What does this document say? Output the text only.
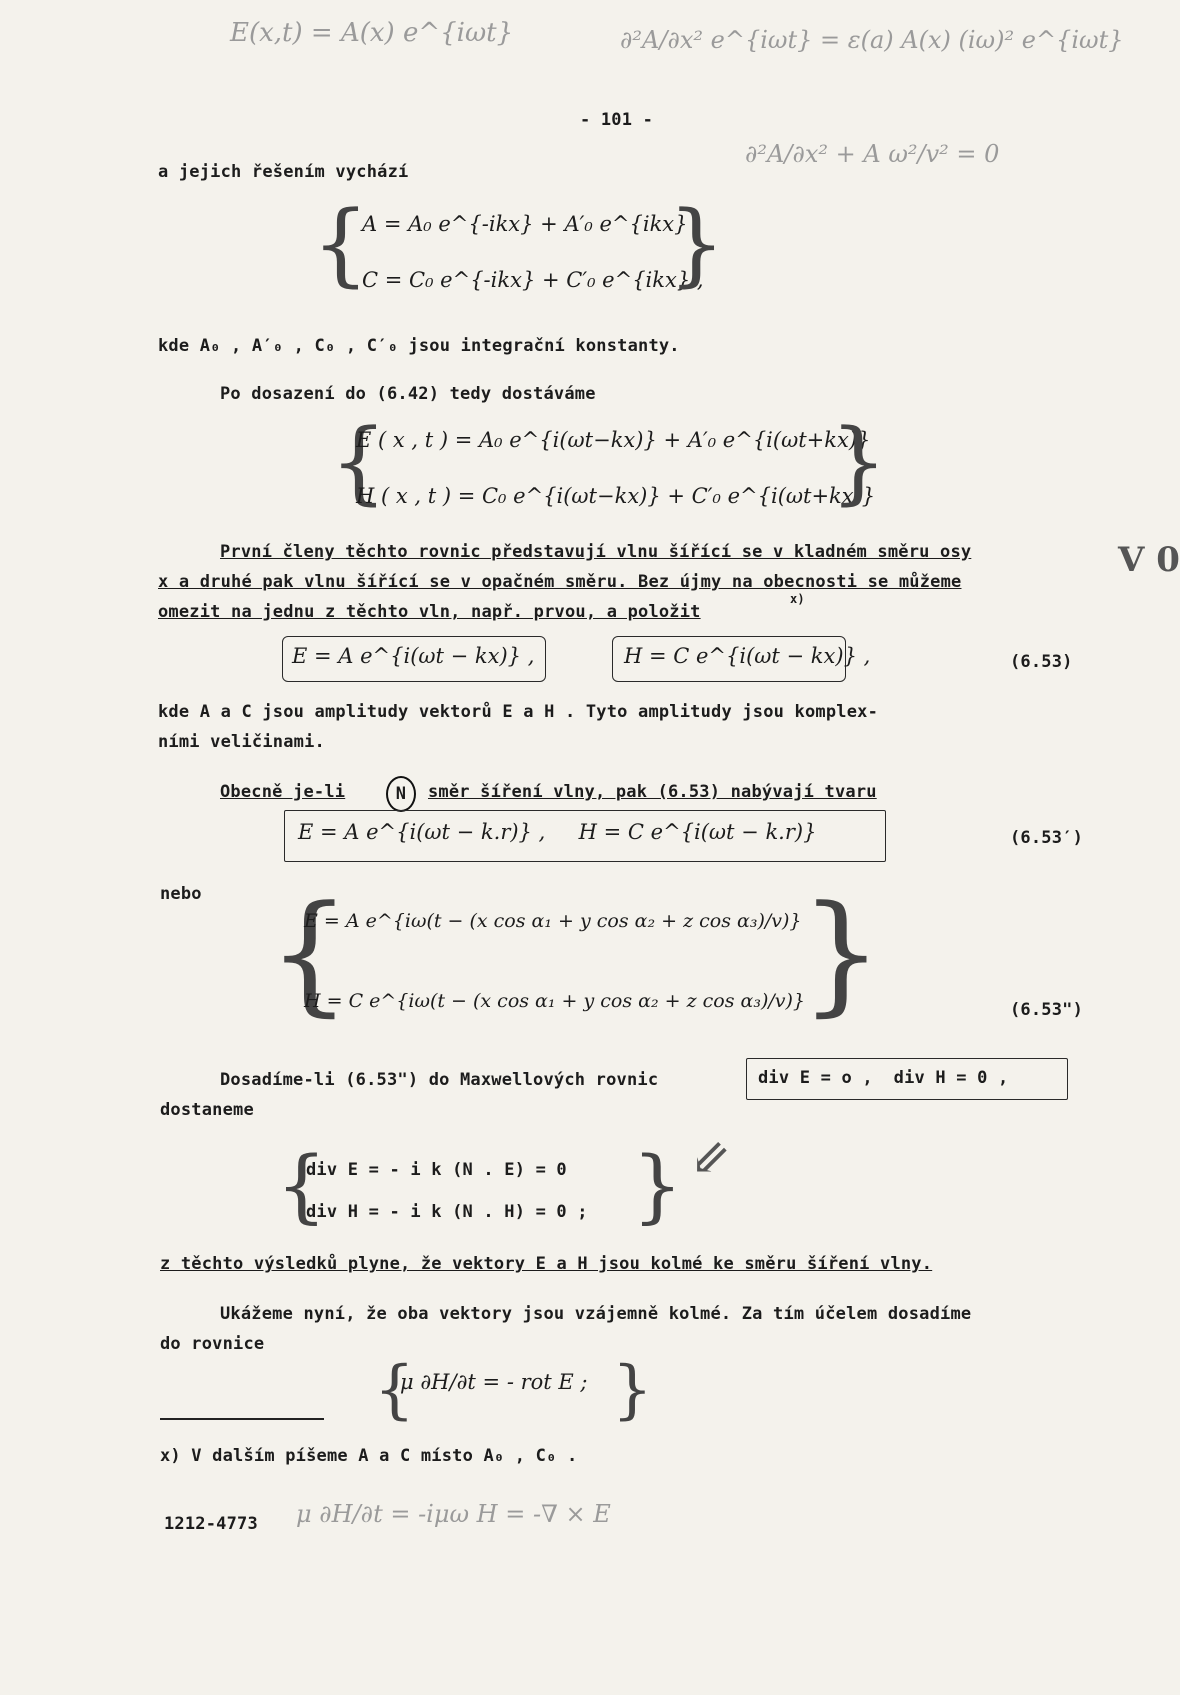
E(x,t) = A(x) e^{iωt}	∂²A/∂x² e^{iωt} = ε(a) A(x) (iω)² e^{iωt}
∂²A/∂x² + A ω²/v² = 0
V 0
- 101 -
a jejich řešením vychází
{
A = A₀ e^{-ikx} + A′₀ e^{ikx} ,
C = C₀ e^{-ikx} + C′₀ e^{ikx} ,
}
kde A₀ , A′₀ , C₀ , C′₀ jsou integrační konstanty.
Po dosazení do (6.42) tedy dostáváme
{
E ( x , t ) = A₀ e^{i(ωt−kx)} + A′₀ e^{i(ωt+kx)}
H ( x , t ) = C₀ e^{i(ωt−kx)} + C′₀ e^{i(ωt+kx)}
}
První členy těchto rovnic představují vlnu šířící se v kladném směru osy
x a druhé pak vlnu šířící se v opačném směru. Bez újmy na obecnosti se můžeme
omezit na jednu z těchto vln, např. prvou, a položit
x)
E = A e^{i(ωt − kx)} ,	H = C e^{i(ωt − kx)} ,	(6.53)
kde A a C jsou amplitudy vektorů E a H . Tyto amplitudy jsou komplex-
ními veličinami.
Obecně je-li	N	směr šíření vlny, pak (6.53) nabývají tvaru
E = A e^{i(ωt − k.r)} ,     H = C e^{i(ωt − k.r)}	(6.53′)
nebo {
E = A e^{iω(t − (x cos α₁ + y cos α₂ + z cos α₃)/v)}
H = C e^{iω(t − (x cos α₁ + y cos α₂ + z cos α₃)/v)}
}	(6.53")
Dosadíme-li (6.53") do Maxwellových rovnic	div E = o ,  div H = 0 ,
dostaneme
{
div E = - i k (N . E) = 0
div H = - i k (N . H) = 0 ; } ⇙
z těchto výsledků plyne, že vektory E a H jsou kolmé ke směru šíření vlny.
Ukážeme nyní, že oba vektory jsou vzájemně kolmé. Za tím účelem dosadíme
do rovnice
{
μ ∂H/∂t = - rot E ; }
x) V dalším píšeme A a C místo A₀ , C₀ .
1212-4773 μ ∂H/∂t = -iμω H = -∇ × E
